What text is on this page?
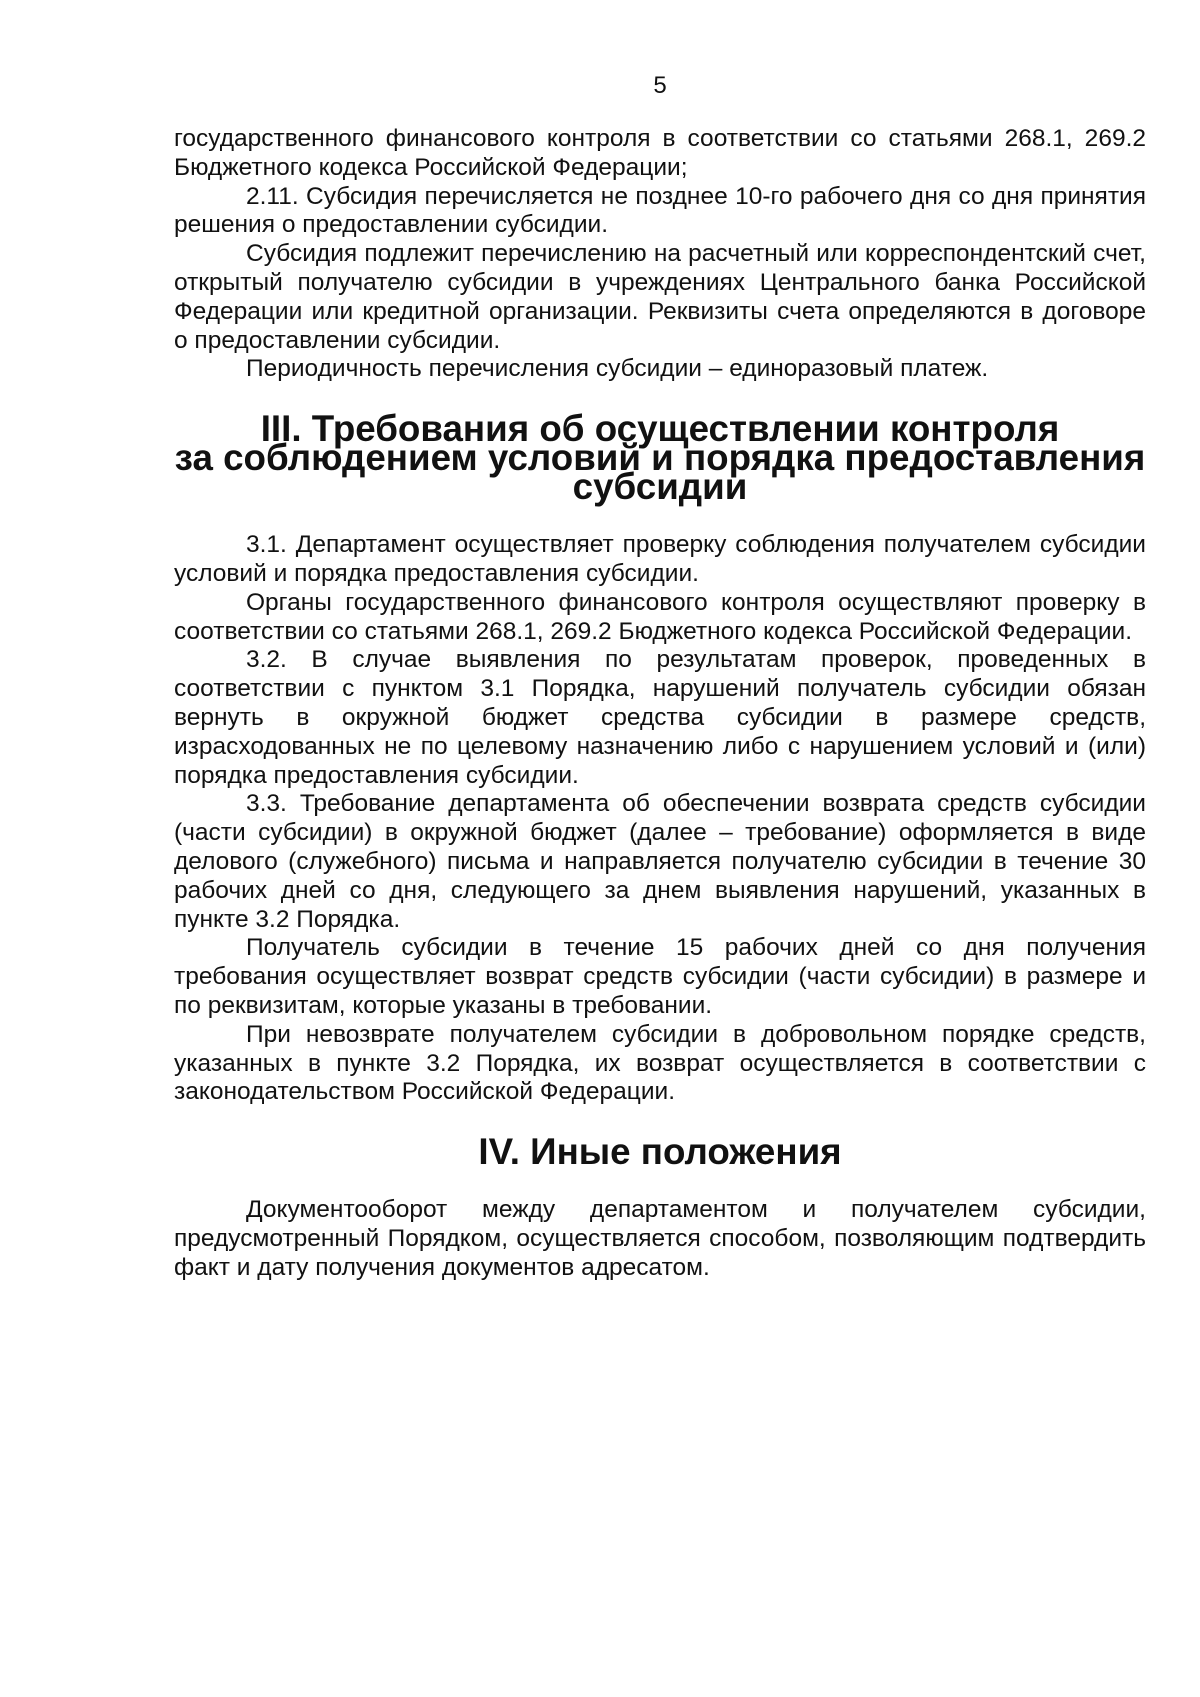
5

государственного финансового контроля в соответствии со статьями 268.1, 269.2 Бюджетного кодекса Российской Федерации;

2.11. Субсидия перечисляется не позднее 10-го рабочего дня со дня принятия решения о предоставлении субсидии.

Субсидия подлежит перечислению на расчетный или корреспондентский счет, открытый получателю субсидии в учреждениях Центрального банка Российской Федерации или кредитной организации. Реквизиты счета определяются в договоре о предоставлении субсидии.

Периодичность перечисления субсидии – единоразовый платеж.

III. Требования об осуществлении контроля
за соблюдением условий и порядка предоставления субсидии

3.1. Департамент осуществляет проверку соблюдения получателем субсидии условий и порядка предоставления субсидии.

Органы государственного финансового контроля осуществляют проверку в соответствии со статьями 268.1, 269.2 Бюджетного кодекса Российской Федерации.

3.2. В случае выявления по результатам проверок, проведенных в соответствии с пунктом 3.1 Порядка, нарушений получатель субсидии обязан вернуть в окружной бюджет средства субсидии в размере средств, израсходованных не по целевому назначению либо с нарушением условий и (или) порядка предоставления субсидии.

3.3. Требование департамента об обеспечении возврата средств субсидии (части субсидии) в окружной бюджет (далее – требование) оформляется в виде делового (служебного) письма и направляется получателю субсидии в течение 30 рабочих дней со дня, следующего за днем выявления нарушений, указанных в пункте 3.2 Порядка.

Получатель субсидии в течение 15 рабочих дней со дня получения требования осуществляет возврат средств субсидии (части субсидии) в размере и по реквизитам, которые указаны в требовании.

При невозврате получателем субсидии в добровольном порядке средств, указанных в пункте 3.2 Порядка, их возврат осуществляется в соответствии с законодательством Российской Федерации.

IV. Иные положения

Документооборот между департаментом и получателем субсидии, предусмотренный Порядком, осуществляется способом, позволяющим подтвердить факт и дату получения документов адресатом.
